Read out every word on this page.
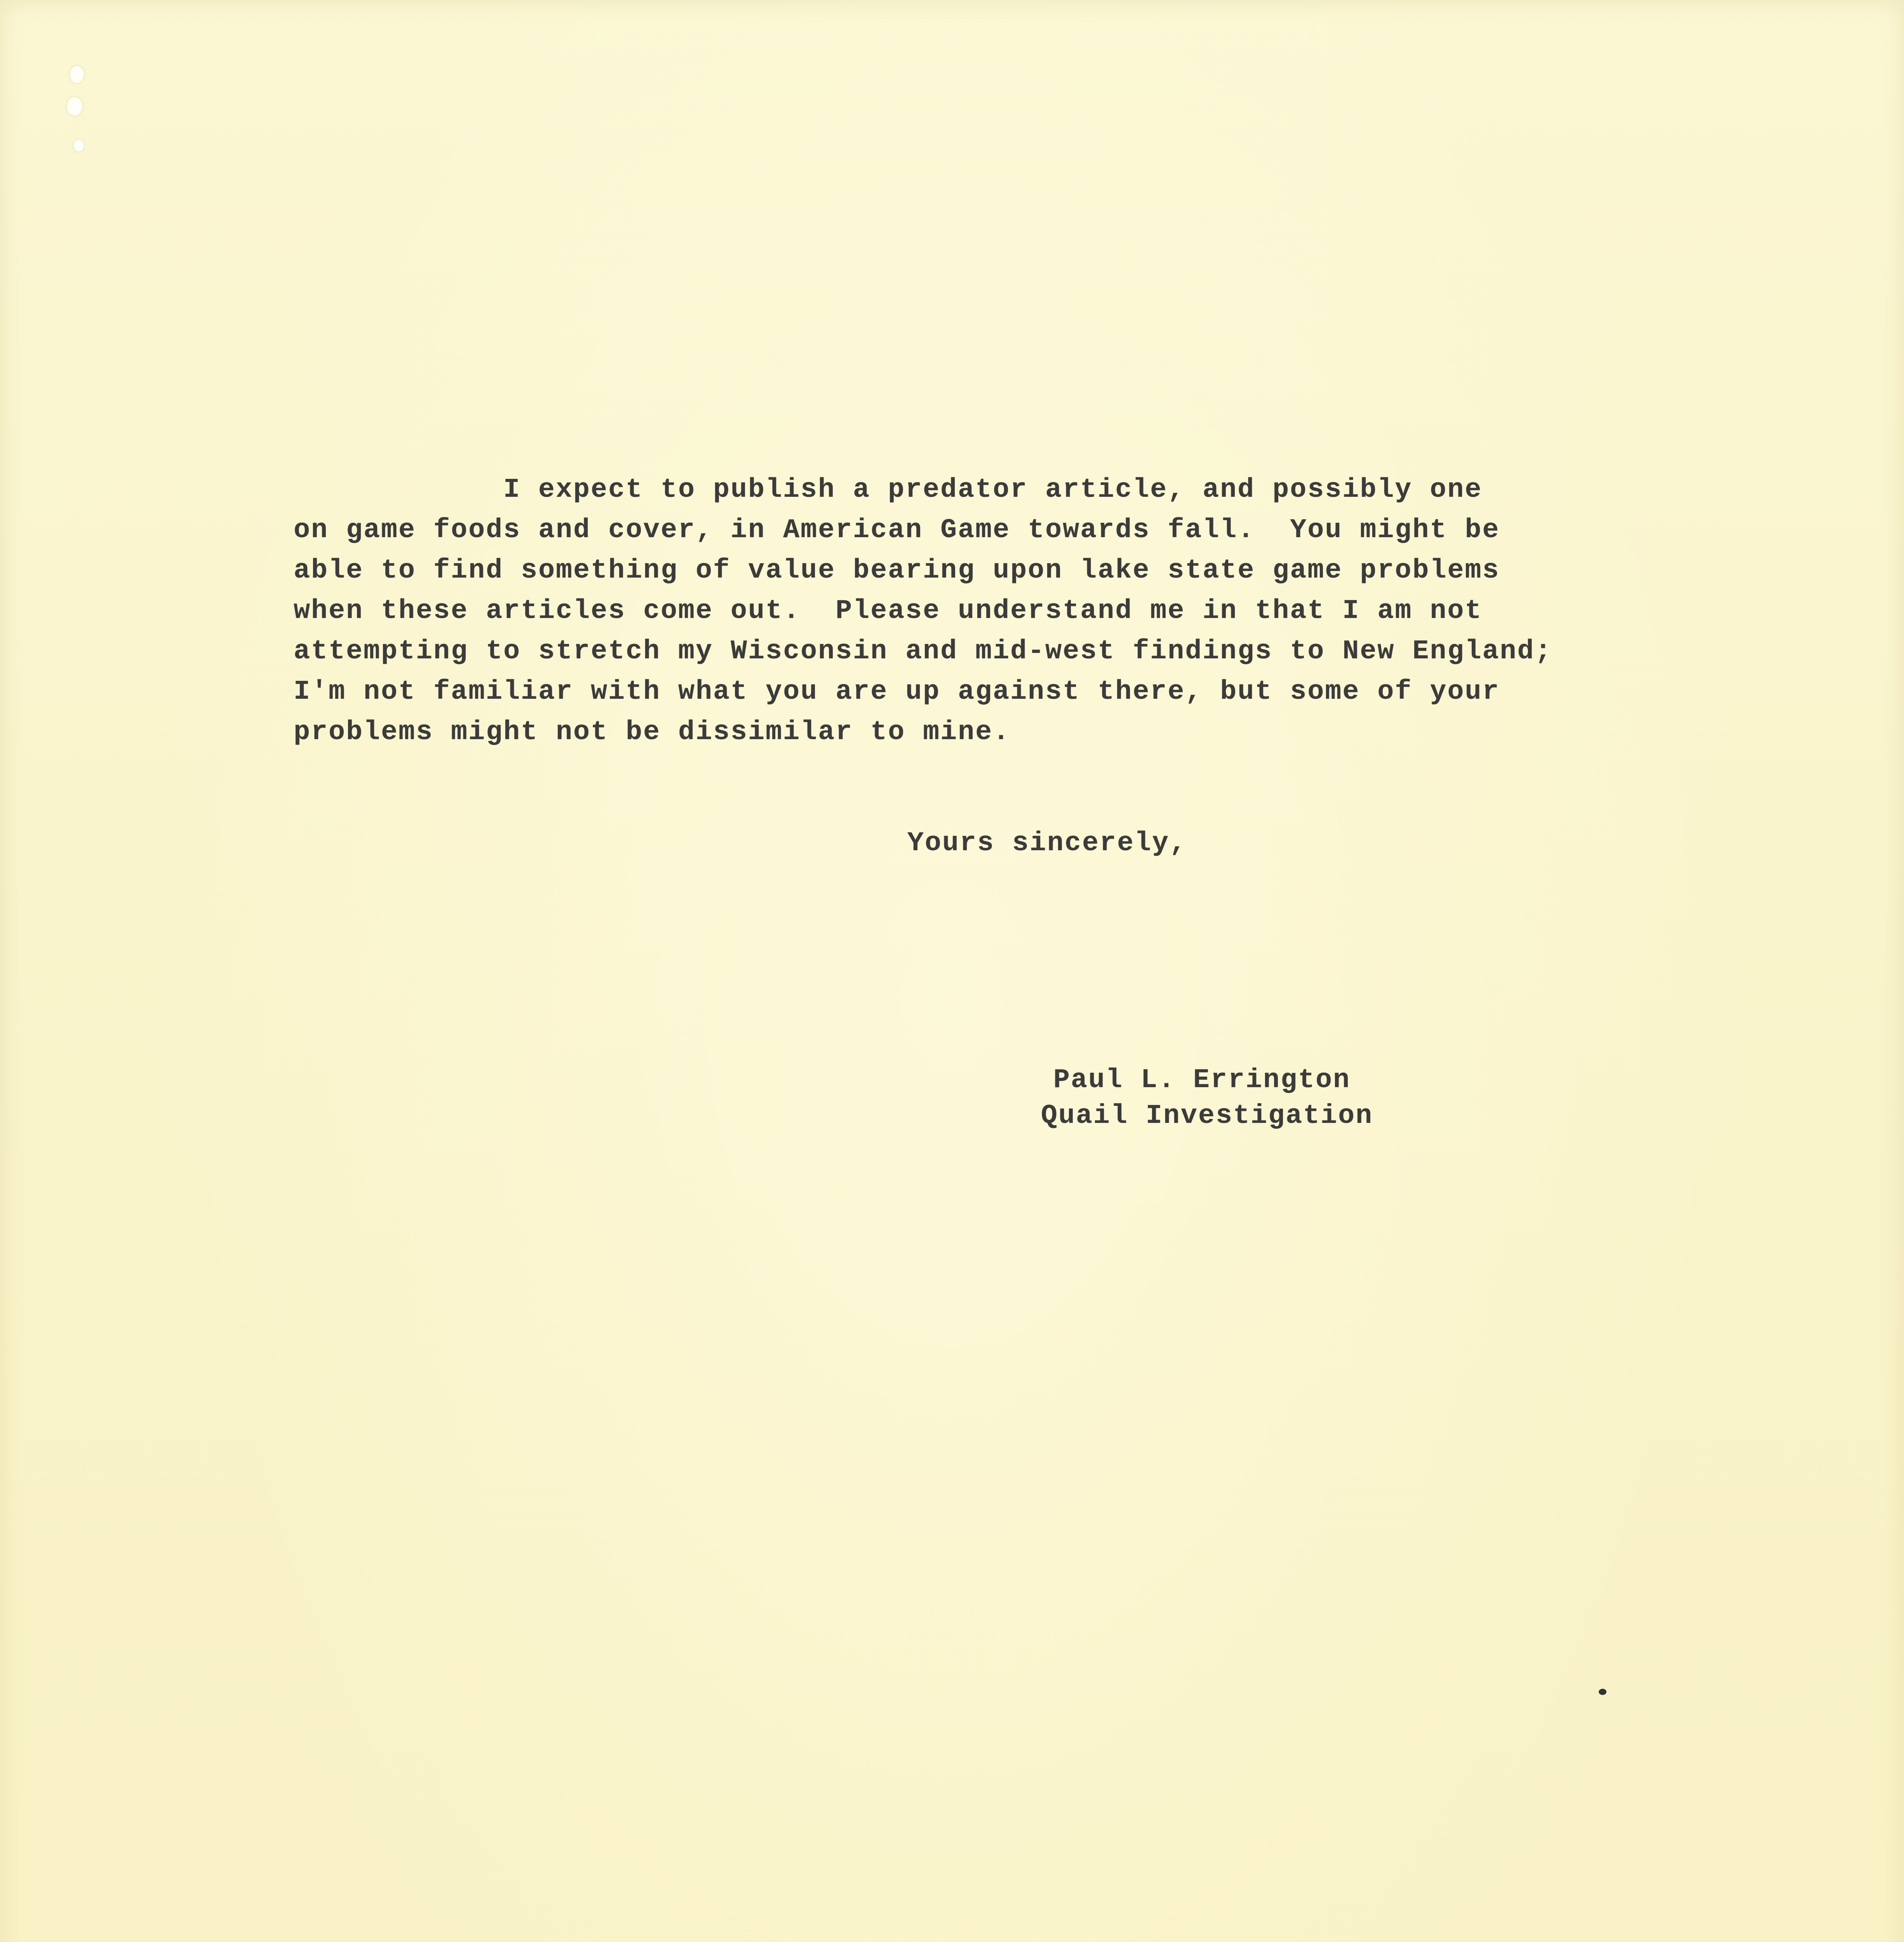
I expect to publish a predator article, and possibly one
on game foods and cover, in American Game towards fall.  You might be
able to find something of value bearing upon lake state game problems
when these articles come out.  Please understand me in that I am not
attempting to stretch my Wisconsin and mid-west findings to New England;
I'm not familiar with what you are up against there, but some of your
problems might not be dissimilar to mine.
Yours sincerely,
Paul L. Errington
Quail Investigation
